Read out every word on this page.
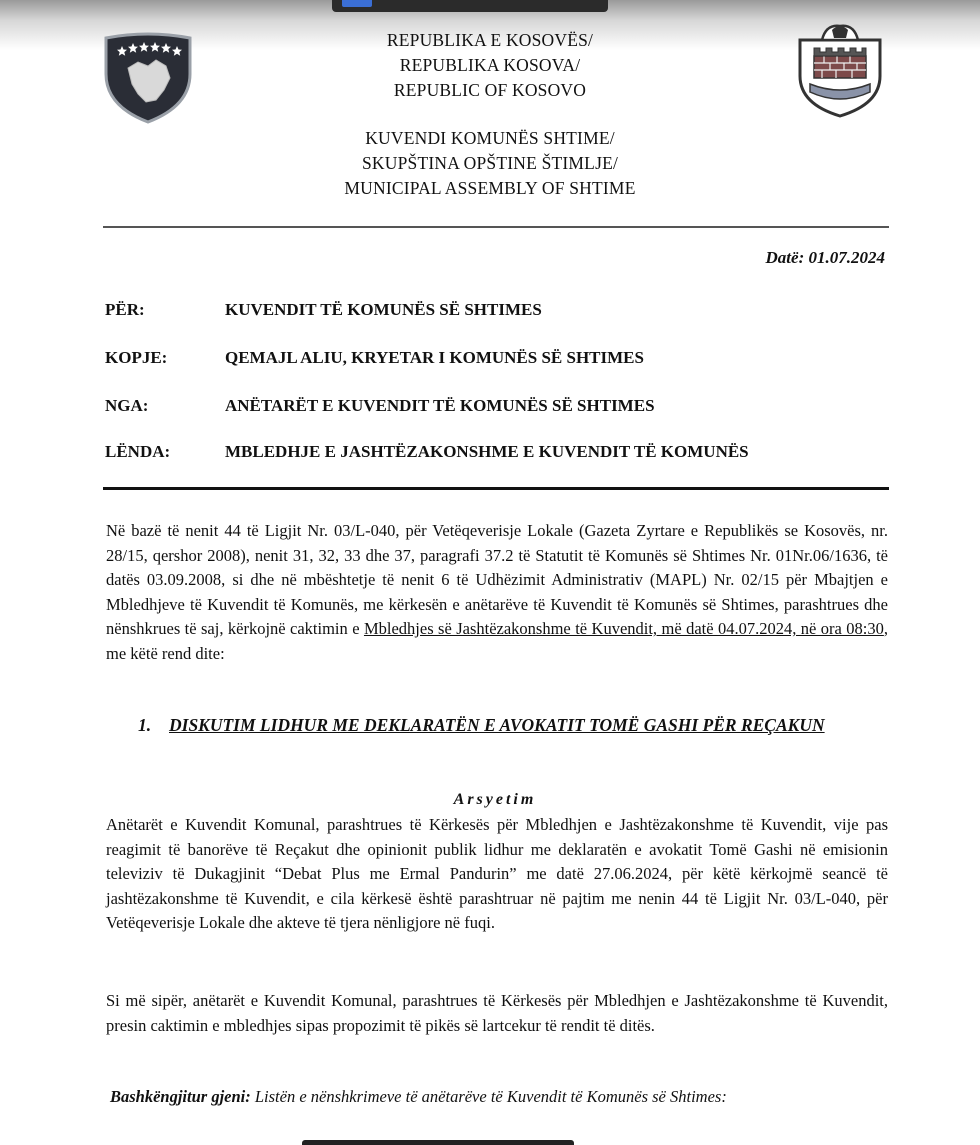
REPUBLIKA E KOSOVËS/
REPUBLIKA KOSOVA/
REPUBLIC OF KOSOVO
KUVENDI KOMUNËS SHTIME/
SKUPŠTINA OPŠTINE ŠTIMLJE/
MUNICIPAL ASSEMBLY OF SHTIME
Datë: 01.07.2024
PËR:	KUVENDIT TË KOMUNËS SË SHTIMES
KOPJE:	QEMAJL ALIU, KRYETAR I KOMUNËS SË SHTIMES
NGA:	ANËTARËT E KUVENDIT TË KOMUNËS SË SHTIMES
LËNDA:	MBLEDHJE E JASHTËZAKONSHME E KUVENDIT TË KOMUNËS
Në bazë të nenit 44 të Ligjit Nr. 03/L-040, për Vetëqeverisje Lokale (Gazeta Zyrtare e Republikës se Kosovës, nr. 28/15, qershor 2008), nenit 31, 32, 33 dhe 37, paragrafi 37.2 të Statutit të Komunës së Shtimes Nr. 01Nr.06/1636, të datës 03.09.2008, si dhe në mbështetje të nenit 6 të Udhëzimit Administrativ (MAPL) Nr. 02/15 për Mbajtjen e Mbledhjeve të Kuvendit të Komunës, me kërkesën e anëtarëve të Kuvendit të Komunës së Shtimes, parashtrues dhe nënshkrues të saj, kërkojnë caktimin e Mbledhjes së Jashtëzakonshme të Kuvendit, më datë 04.07.2024, në ora 08:30, me këtë rend dite:
1. DISKUTIM LIDHUR ME DEKLARATËN E AVOKATIT TOMË GASHI PËR REÇAKUN
Arsyetim
Anëtarët e Kuvendit Komunal, parashtrues të Kërkesës për Mbledhjen e Jashtëzakonshme të Kuvendit, vije pas reagimit të banorëve të Reçakut dhe opinionit publik lidhur me deklaratën e avokatit Tomë Gashi në emisionin televiziv të Dukagjinit “Debat Plus me Ermal Pandurin” me datë 27.06.2024, për këtë kërkojmë seancë të jashtëzakonshme të Kuvendit, e cila kërkesë është parashtruar në pajtim me nenin 44 të Ligjit Nr. 03/L-040, për Vetëqeverisje Lokale dhe akteve të tjera nënligjore në fuqi.
Si më sipër, anëtarët e Kuvendit Komunal, parashtrues të Kërkesës për Mbledhjen e Jashtëzakonshme të Kuvendit, presin caktimin e mbledhjes sipas propozimit të pikës së lartcekur të rendit të ditës.
Bashkëngjitur gjeni: Listën e nënshkrimeve të anëtarëve të Kuvendit të Komunës së Shtimes:
